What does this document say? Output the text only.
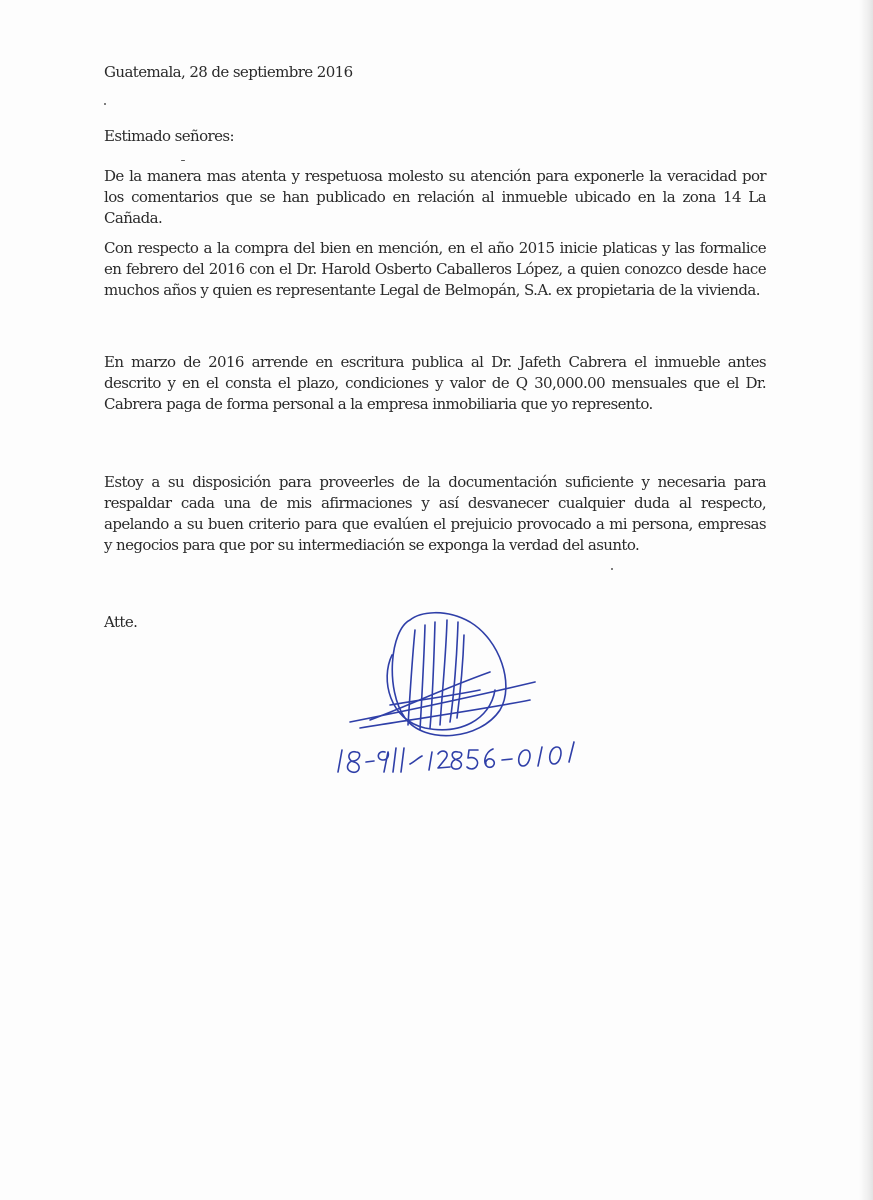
Guatemala, 28 de septiembre 2016
Estimado señores:

De la manera mas atenta y respetuosa molesto su atención para exponerle la veracidad por los comentarios que se han publicado en relación al inmueble ubicado en la zona 14 La Cañada.

Con respecto a la compra del bien en mención, en el año 2015 inicie platicas y las formalice en febrero del 2016 con el Dr. Harold Osberto Caballeros López, a quien conozco desde hace muchos años y quien es representante Legal de Belmopán, S.A. ex propietaria de la vivienda.

En marzo de 2016 arrende en escritura publica al Dr. Jafeth Cabrera el inmueble antes descrito y en el consta el plazo, condiciones y valor de Q 30,000.00 mensuales que el Dr. Cabrera paga de forma personal a la empresa inmobiliaria que yo represento.

Estoy a su disposición para proveerles de la documentación suficiente y necesaria para respaldar cada una de mis afirmaciones y así desvanecer cualquier duda al respecto, apelando a su buen criterio para que evalúen el prejuicio provocado a mi persona, empresas y negocios para que por su intermediación se exponga la verdad del asunto.

Atte.
